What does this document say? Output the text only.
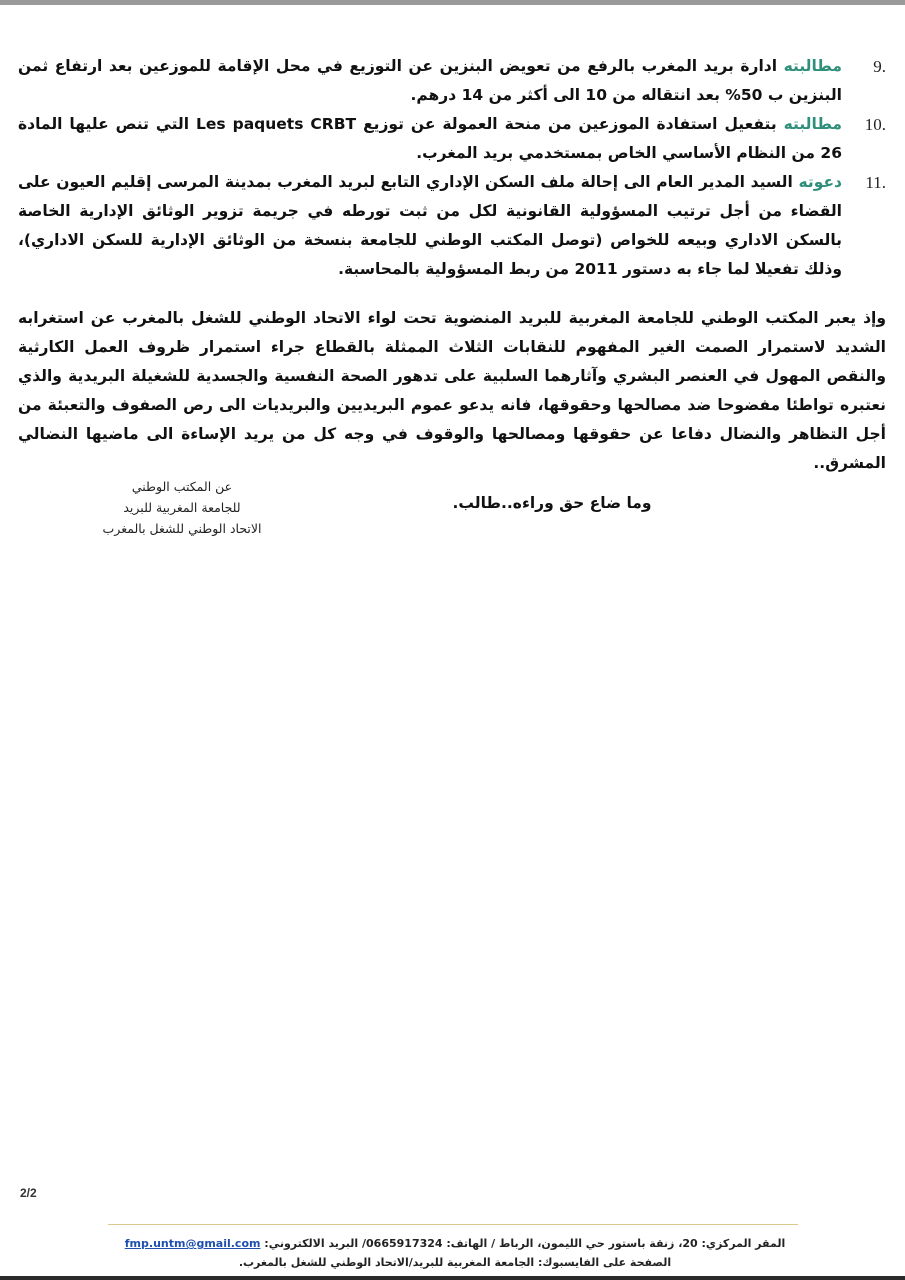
9.
مطالبته ادارة بريد المغرب بالرفع من تعويض البنزين عن التوزيع في محل الإقامة للموزعين بعد ارتفاع ثمن البنزين ب 50% بعد انتقاله من 10 الى أكثر من 14 درهم.
10.
مطالبته بتفعيل استفادة الموزعين من منحة العمولة عن توزيع Les paquets CRBT التي تنص عليها المادة 26 من النظام الأساسي الخاص بمستخدمي بريد المغرب.
11.
دعوته السيد المدير العام الى إحالة ملف السكن الإداري التابع لبريد المغرب بمدينة المرسى إقليم العيون على القضاء من أجل ترتيب المسؤولية القانونية لكل من ثبت تورطه في جريمة تزوير الوثائق الإدارية الخاصة بالسكن الاداري وبيعه للخواص (توصل المكتب الوطني للجامعة بنسخة من الوثائق الإدارية للسكن الاداري)، وذلك تفعيلا لما جاء به دستور 2011 من ربط المسؤولية بالمحاسبة.
وإذ يعبر المكتب الوطني للجامعة المغربية للبريد المنضوية تحت لواء الاتحاد الوطني للشغل بالمغرب عن استغرابه الشديد لاستمرار الصمت الغير المفهوم للنقابات الثلاث الممثلة بالقطاع جراء استمرار ظروف العمل الكارثية والنقص المهول في العنصر البشري وآثارهما السلبية على تدهور الصحة النفسية والجسدية للشغيلة البريدية والذي نعتبره تواطئا مفضوحا ضد مصالحها وحقوقها، فانه يدعو عموم البريديين والبريديات الى رص الصفوف والتعبئة من أجل التظاهر والنضال دفاعا عن حقوقها ومصالحها والوقوف في وجه كل من يريد الإساءة الى ماضيها النضالي المشرق..
وما ضاع حق وراءه..طالب.
عن المكتب الوطني
للجامعة المغربية للبريد
الاتحاد الوطني للشغل بالمغرب
2/2
المقر المركزي: 20، زنقة باستور حي الليمون، الرباط / الهاتف: 0665917324/ البريد الالكتروني: fmp.untm@gmail.com
الصفحة على الفايسبوك: الجامعة المغربية للبريد/الاتحاد الوطني للشغل بالمغرب.
